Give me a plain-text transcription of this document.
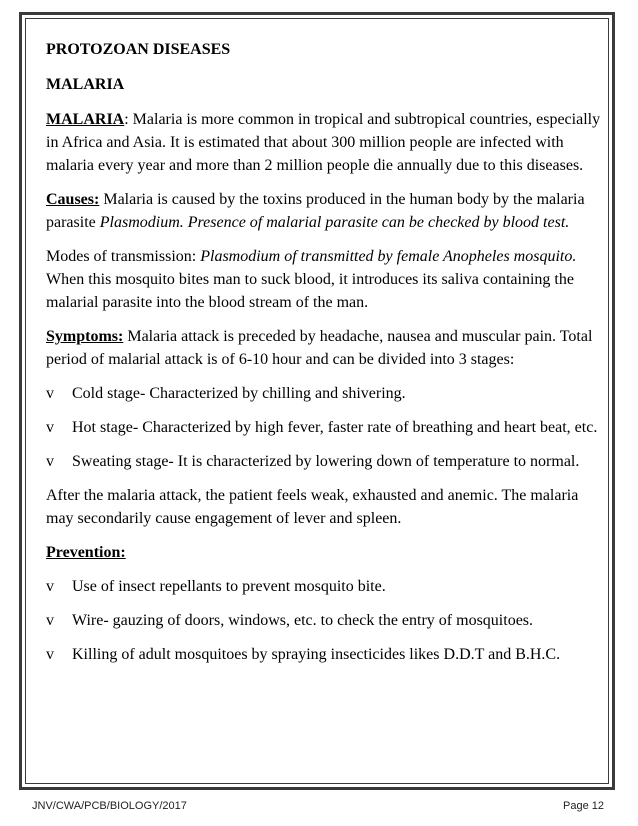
PROTOZOAN DISEASES

MALARIA

MALARIA: Malaria is more common in tropical and subtropical countries, especially in Africa and Asia. It is estimated that about 300 million people are infected with malaria every year and more than 2 million people die annually due to this diseases.

Causes: Malaria is caused by the toxins produced in the human body by the malaria parasite Plasmodium. Presence of malarial parasite can be checked by blood test.

Modes of transmission: Plasmodium of transmitted by female Anopheles mosquito. When this mosquito bites man to suck blood, it introduces its saliva containing the malarial parasite into the blood stream of the man.

Symptoms: Malaria attack is preceded by headache, nausea and muscular pain. Total period of malarial attack is of 6-10 hour and can be divided into 3 stages:

v Cold stage- Characterized by chilling and shivering.

v Hot stage- Characterized by high fever, faster rate of breathing and heart beat, etc.

v Sweating stage- It is characterized by lowering down of temperature to normal.

After the malaria attack, the patient feels weak, exhausted and anemic. The malaria may secondarily cause engagement of lever and spleen.

Prevention:

v Use of insect repellants to prevent mosquito bite.

v Wire- gauzing of doors, windows, etc. to check the entry of mosquitoes.

v Killing of adult mosquitoes by spraying insecticides likes D.D.T and B.H.C.

JNV/CWA/PCB/BIOLOGY/2017	Page 12
